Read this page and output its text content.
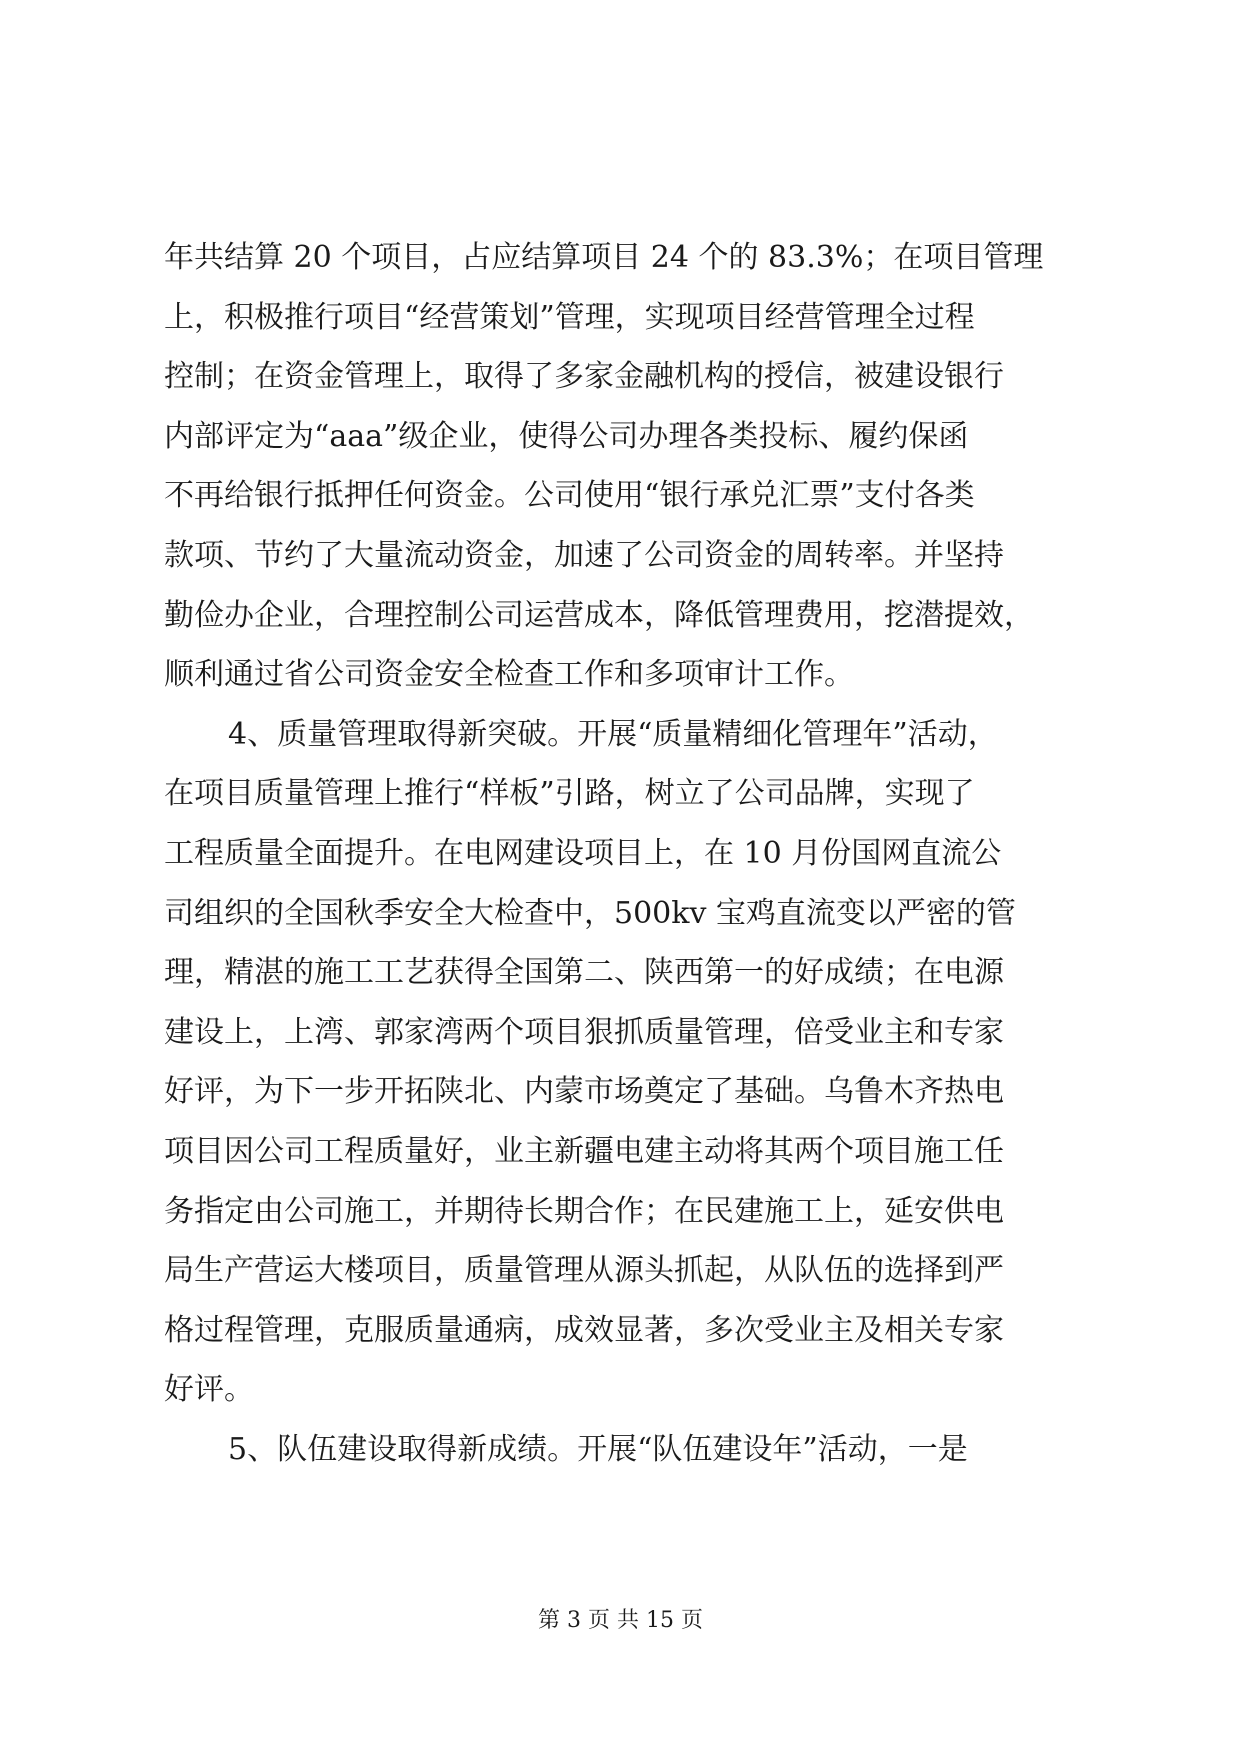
年共结算 20 个项目，占应结算项目 24 个的 83.3%；在项目管理
上，积极推行项目“经营策划”管理，实现项目经营管理全过程
控制；在资金管理上，取得了多家金融机构的授信，被建设银行
内部评定为“aaa”级企业，使得公司办理各类投标、履约保函
不再给银行抵押任何资金。公司使用“银行承兑汇票”支付各类
款项、节约了大量流动资金，加速了公司资金的周转率。并坚持
勤俭办企业，合理控制公司运营成本，降低管理费用，挖潜提效，
顺利通过省公司资金安全检查工作和多项审计工作。
4、质量管理取得新突破。开展“质量精细化管理年”活动，
在项目质量管理上推行“样板”引路，树立了公司品牌，实现了
工程质量全面提升。在电网建设项目上，在 10 月份国网直流公
司组织的全国秋季安全大检查中，500kv 宝鸡直流变以严密的管
理，精湛的施工工艺获得全国第二、陕西第一的好成绩；在电源
建设上，上湾、郭家湾两个项目狠抓质量管理，倍受业主和专家
好评，为下一步开拓陕北、内蒙市场奠定了基础。乌鲁木齐热电
项目因公司工程质量好，业主新疆电建主动将其两个项目施工任
务指定由公司施工，并期待长期合作；在民建施工上，延安供电
局生产营运大楼项目，质量管理从源头抓起，从队伍的选择到严
格过程管理，克服质量通病，成效显著，多次受业主及相关专家
好评。
5、队伍建设取得新成绩。开展“队伍建设年”活动，一是
第 3 页 共 15 页
